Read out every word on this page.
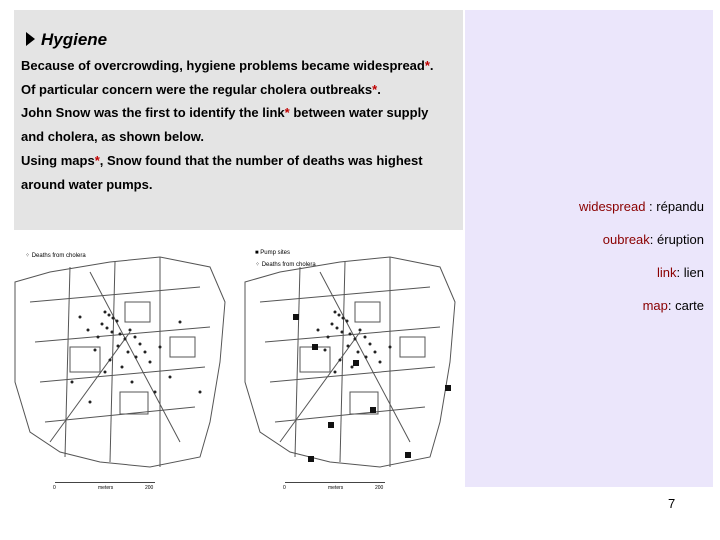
Hygiene
Because of overcrowding, hygiene problems became widespread*.
Of particular concern were the regular cholera outbreaks*.
John Snow was the first to identify the link* between water supply
and cholera, as shown below.
Using maps*, Snow found that the number of deaths was highest
around water pumps.
widespread : répandu
oubreak: éruption
link: lien
map: carte
⁘ Deaths from cholera
0	meters	200
■ Pump sites
⁘ Deaths from cholera
0	meters	200
7
